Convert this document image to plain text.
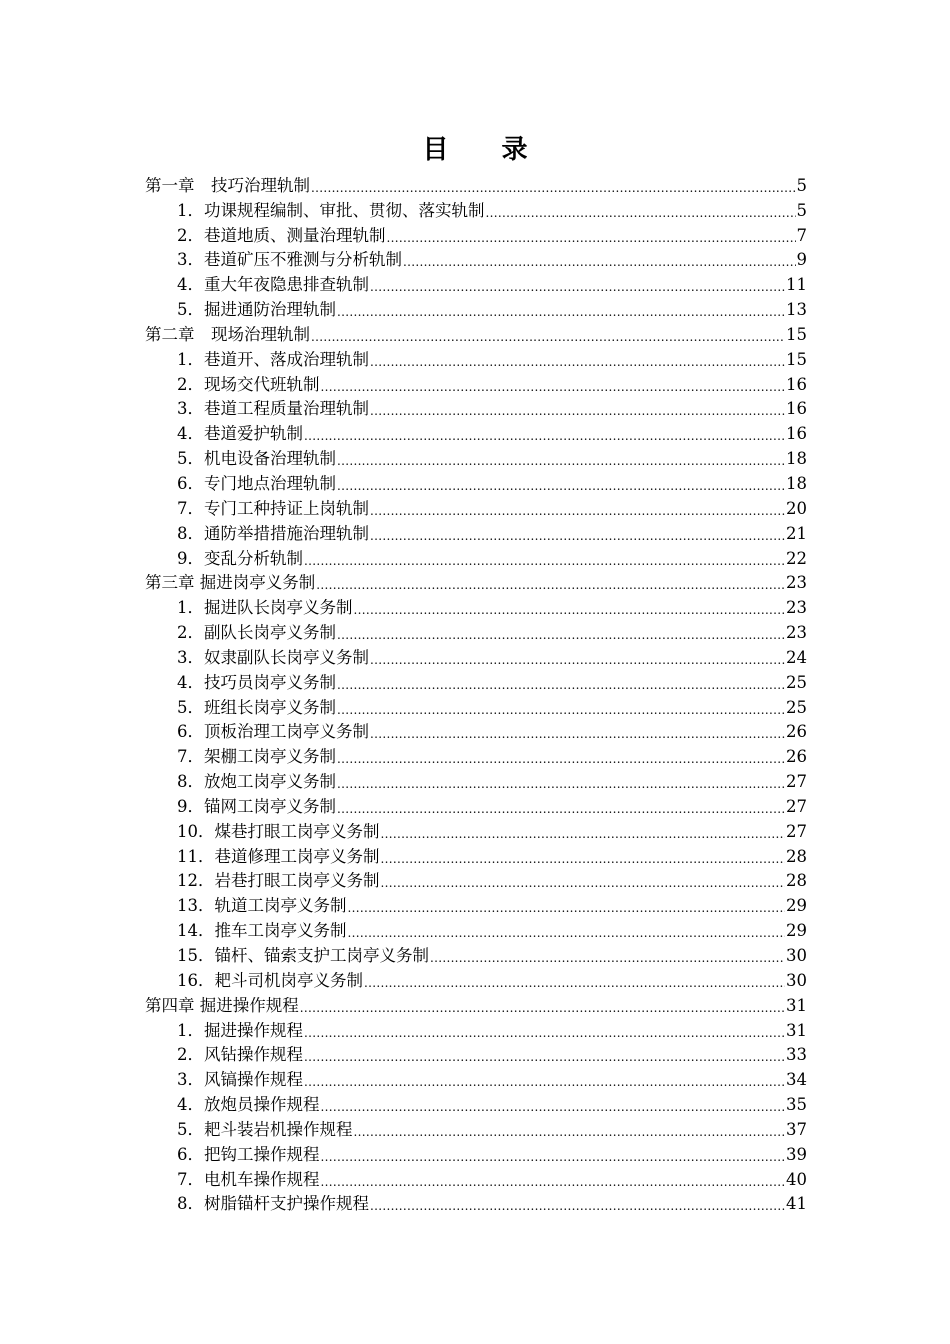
目 录
第一章　技巧治理轨制 .....	5
1．功课规程编制、审批、贯彻、落实轨制 .....	5
2．巷道地质、测量治理轨制 .....	7
3．巷道矿压不雅测与分析轨制 .....	9
4．重大年夜隐患排查轨制 .....	11
5．掘进通防治理轨制 .....	13
第二章　现场治理轨制 .....	15
1．巷道开、落成治理轨制 .....	15
2．现场交代班轨制 .....	16
3．巷道工程质量治理轨制 .....	16
4．巷道爱护轨制 .....	16
5．机电设备治理轨制 .....	18
6．专门地点治理轨制 .....	18
7．专门工种持证上岗轨制 .....	20
8．通防举措措施治理轨制 .....	21
9．变乱分析轨制 .....	22
第三章 掘进岗亭义务制 .....	23
1．掘进队长岗亭义务制 .....	23
2．副队长岗亭义务制 .....	23
3．奴隶副队长岗亭义务制 .....	24
4．技巧员岗亭义务制 .....	25
5．班组长岗亭义务制 .....	25
6．顶板治理工岗亭义务制 .....	26
7．架棚工岗亭义务制 .....	26
8．放炮工岗亭义务制 .....	27
9．锚网工岗亭义务制 .....	27
10．煤巷打眼工岗亭义务制 .....	27
11．巷道修理工岗亭义务制 .....	28
12．岩巷打眼工岗亭义务制 .....	28
13．轨道工岗亭义务制 .....	29
14．推车工岗亭义务制 .....	29
15．锚杆、锚索支护工岗亭义务制 .....	30
16．耙斗司机岗亭义务制 .....	30
第四章 掘进操作规程 .....	31
1．掘进操作规程 .....	31
2．风钻操作规程 .....	33
3．风镐操作规程 .....	34
4．放炮员操作规程 .....	35
5．耙斗装岩机操作规程 .....	37
6．把钩工操作规程 .....	39
7．电机车操作规程 .....	40
8．树脂锚杆支护操作规程 .....	41
